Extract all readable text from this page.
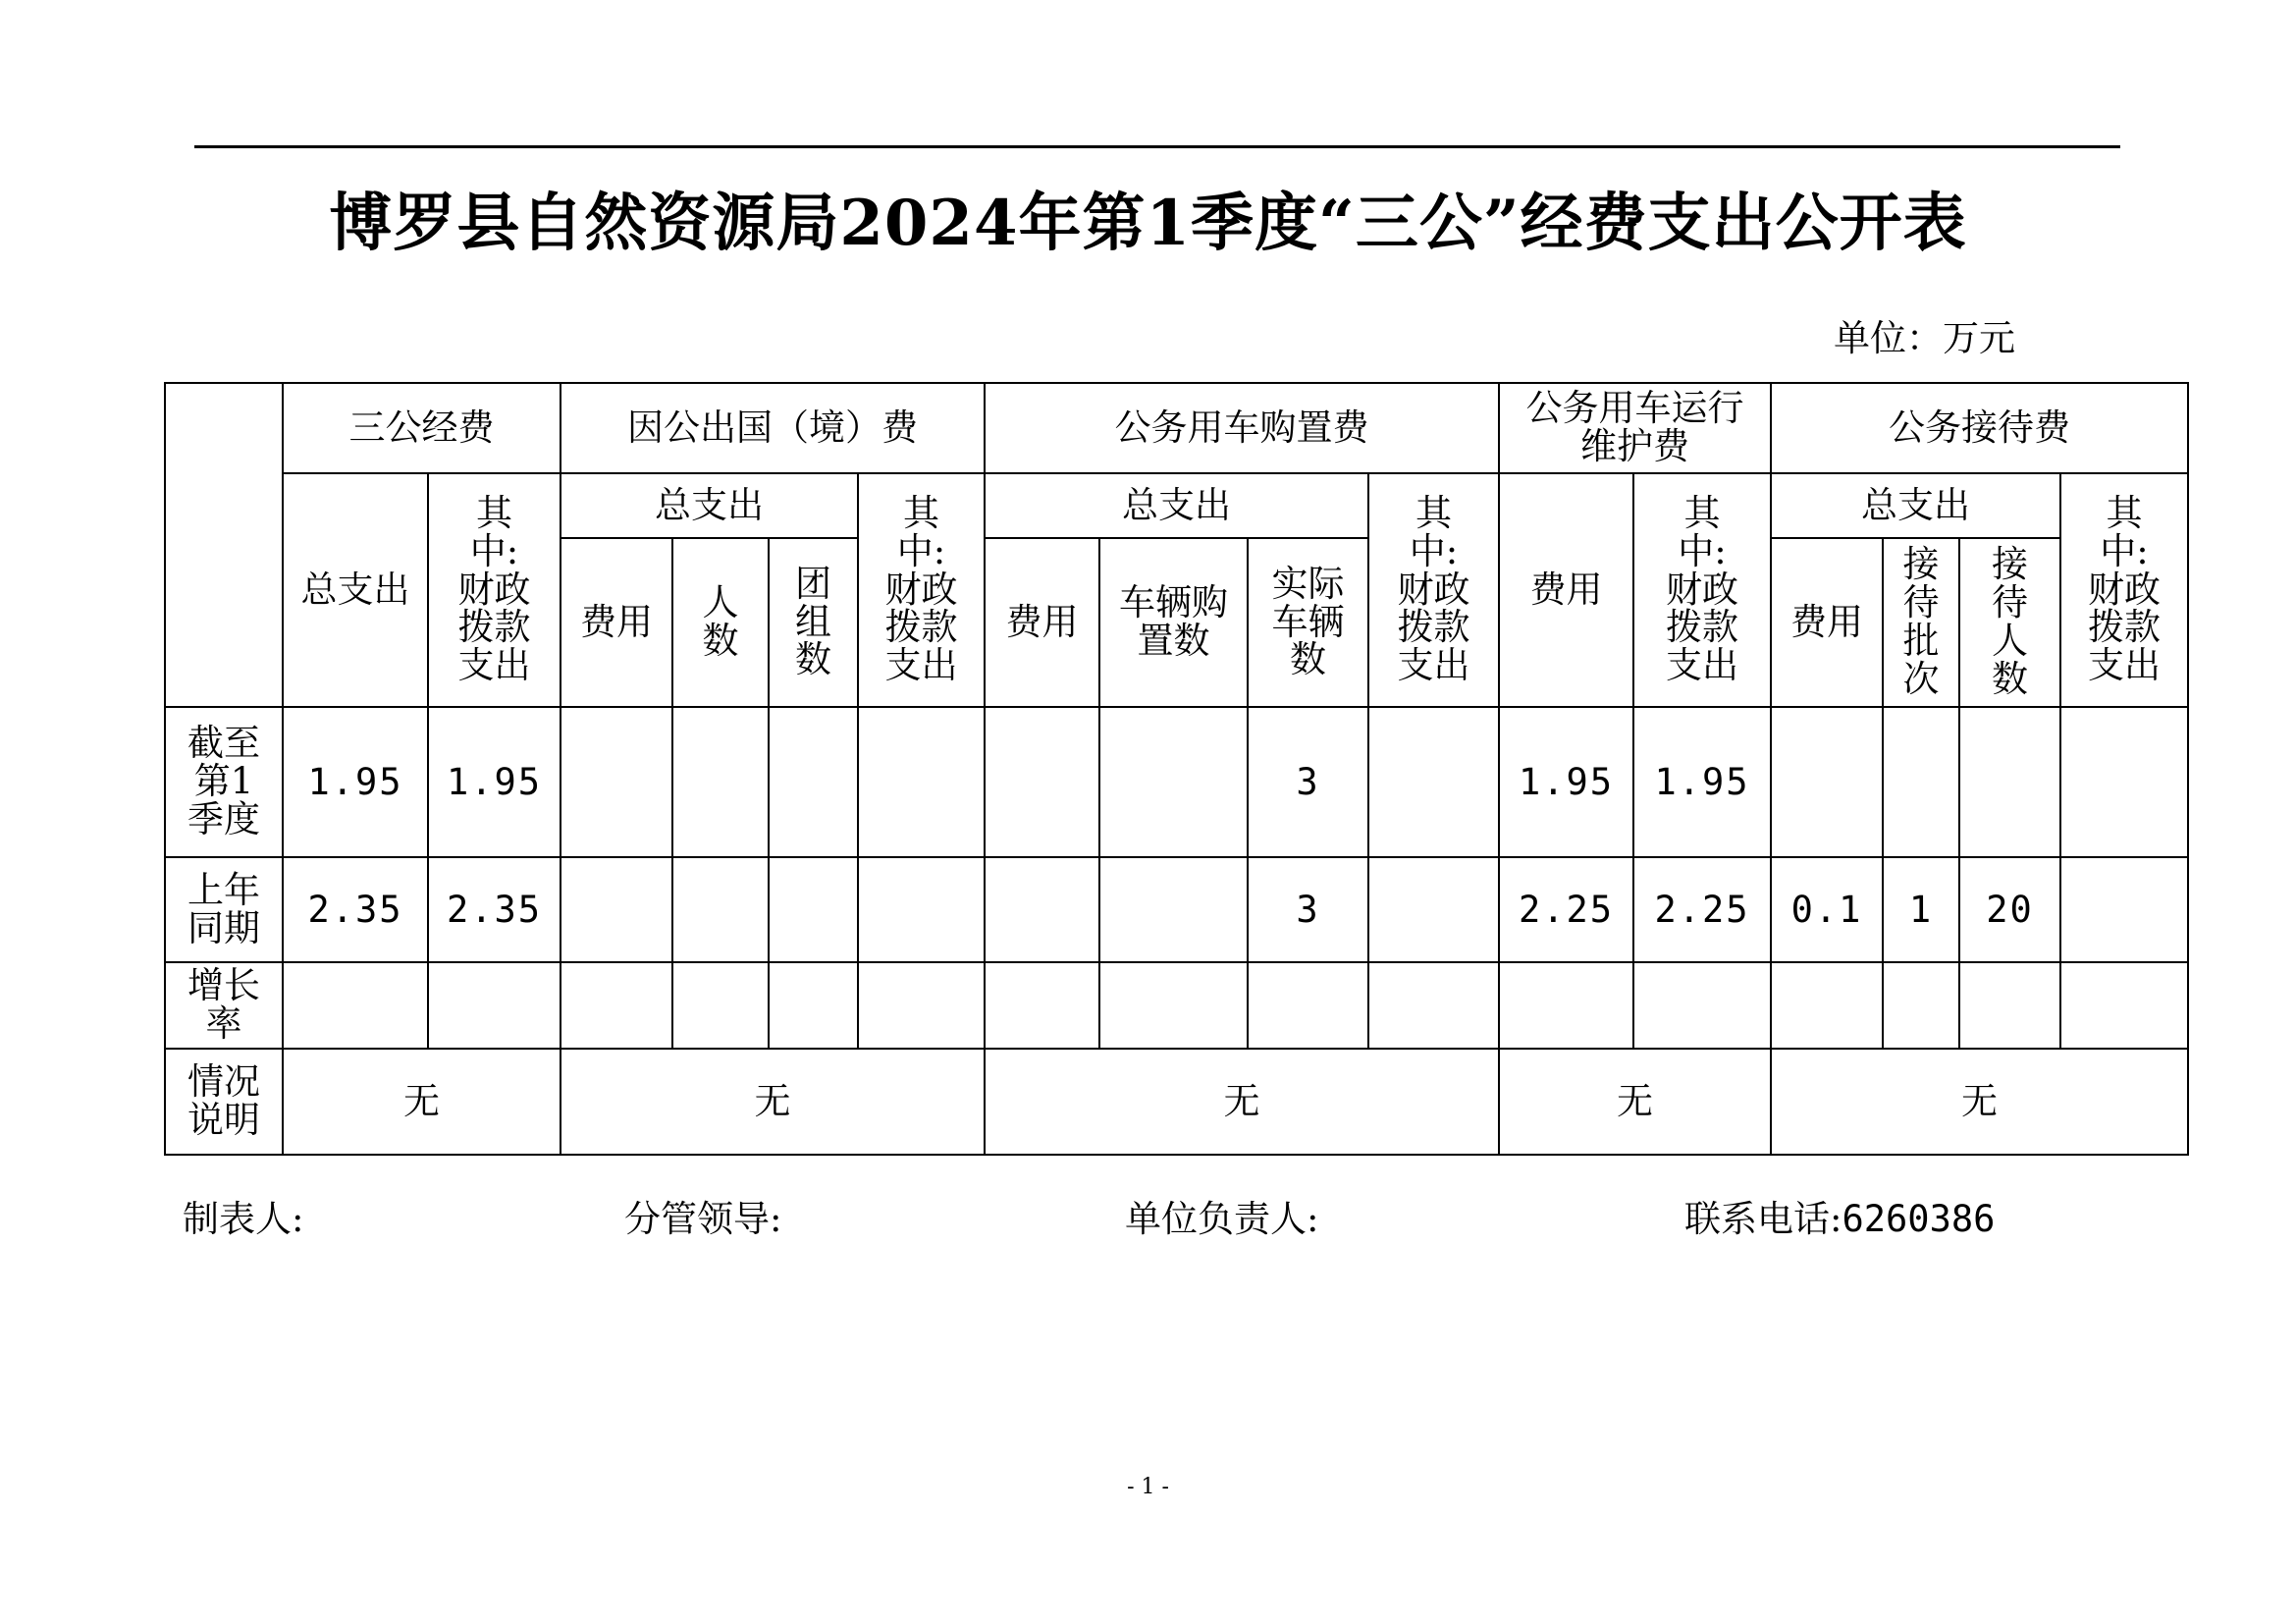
博罗县自然资源局2024年第1季度“三公”经费支出公开表
单位：万元
	三公经费		因公出国（境）费				公务用车购置费				公务用车运行维护费		公务接待费			
	总支出	其中:财政拨款支出	总支出			其中:财政拨款支出	总支出			其中:财政拨款支出	费用	其中:财政拨款支出	总支出			其中:财政拨款支出
			费用	人数	团组数		费用	车辆购置数	实际车辆数				费用	接待批次	接待人数	
截至第1季度	1.95	1.95							3		1.95	1.95				
上年同期	2.35	2.35							3		2.25	2.25	0.1	1	20	
增长率																
情况说明	无		无				无				无		无			
制表人:	分管领导:	单位负责人:	联系电话:6260386
- 1 -
